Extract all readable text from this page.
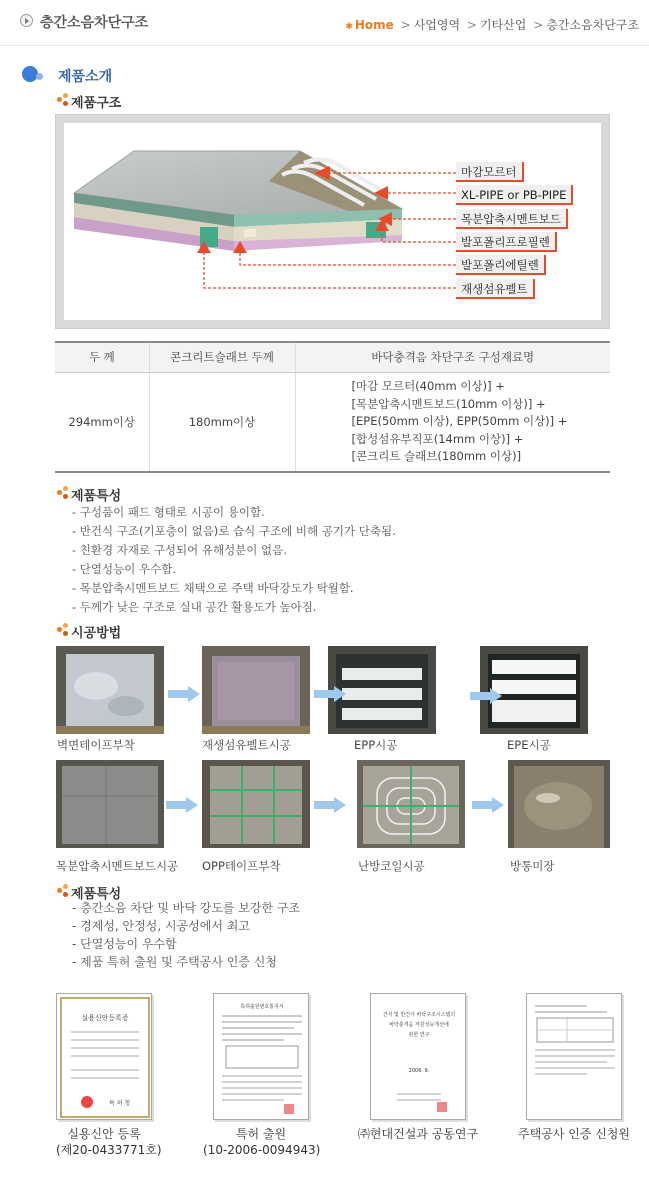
층간소음차단구조	✱ Home > 사업영역 > 기타산업 > 층간소음차단구조
제품소개
제품구조
마감모르터
XL-PIPE or PB-PIPE
목분압축시멘트보드
발포폴리프로필렌
발포폴리에틸렌
재생섬유펠트
두 께	콘크리트슬래브 두께	바닥충격음 차단구조 구성재료명
294mm이상	180mm이상	[마감 모르터(40mm 이상)] +
[목분압축시멘트보드(10mm 이상)] +
[EPE(50mm 이상), EPP(50mm 이상)] +
[합성섬유부직포(14mm 이상)] +
[콘크리트 슬래브(180mm 이상)]
제품특성
- 구성품이 패드 형태로 시공이 용이함.
- 반건식 구조(기포층이 없음)로 습식 구조에 비해 공기가 단축됨.
- 친환경 자재로 구성되어 유해성분이 없음.
- 단열성능이 우수함.
- 목분압축시멘트보드 채택으로 주택 바닥강도가 탁월함.
- 두께가 낮은 구조로 실내 공간 활용도가 높아짐.
시공방법
벽면테이프부착	재생섬유펠트시공	EPP시공	EPE시공
목분압축시멘트보드시공 OPP테이프부착	난방코일시공	방통미장
제품특성
- 층간소음 차단 및 바닥 강도를 보강한 구조
- 경제성, 안정성, 시공성에서 최고
- 단열성능이 우수함
- 제품 특허 출원 및 주택공사 인증 신청
실용신안등록증
특 허 청
특허출원번호통지서
건식 및 반건식 바닥구조시스템의
바닥충격음 저감성능개선에
관한 연구
2006. 9.
실용신안 등록
(제20-0433771호)
특허 출원
(10-2006-0094943)
㈜현대건설과 공동연구	주택공사 인증 신청원
